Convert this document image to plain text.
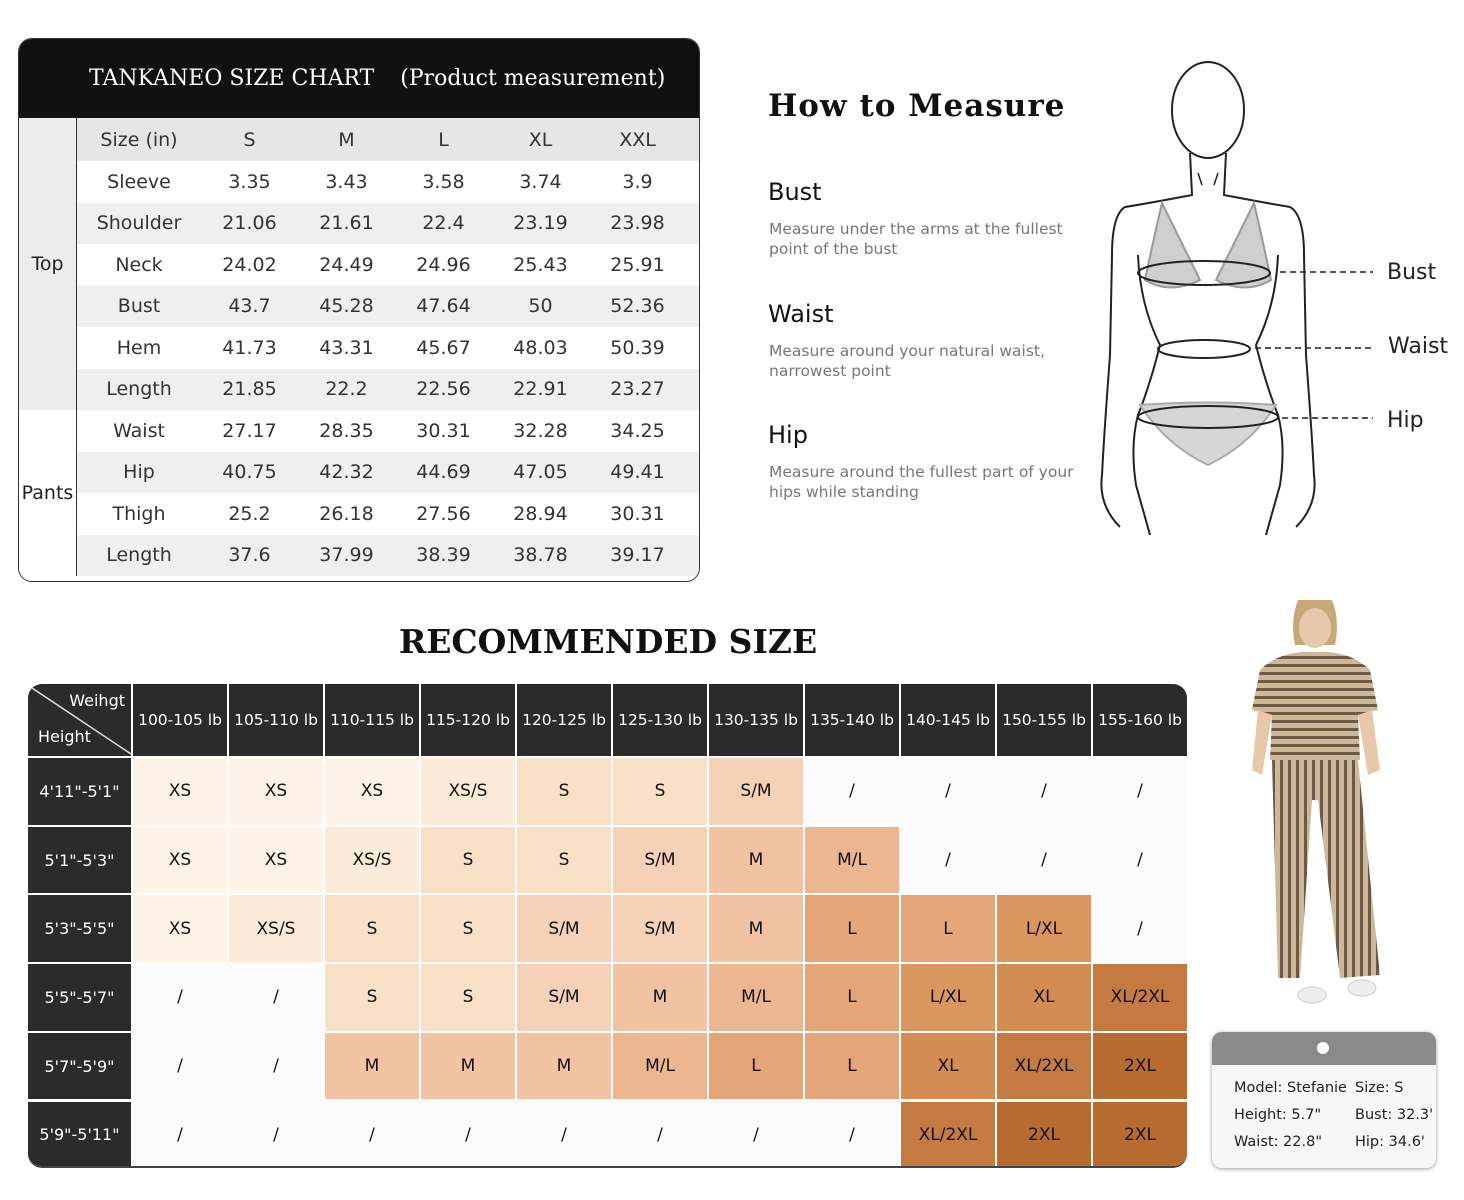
TANKANEO SIZE CHART (Product measurement)
Size (in)	S	M	L	XL	XXL
Sleeve	3.35	3.43	3.58	3.74	3.9
Shoulder	21.06	21.61	22.4	23.19	23.98
Neck	24.02	24.49	24.96	25.43	25.91
Bust	43.7	45.28	47.64	50	52.36
Hem	41.73	43.31	45.67	48.03	50.39
Length	21.85	22.2	22.56	22.91	23.27
Top
Waist	27.17	28.35	30.31	32.28	34.25
Hip	40.75	42.32	44.69	47.05	49.41
Thigh	25.2	26.18	27.56	28.94	30.31
Length	37.6	37.99	38.39	38.78	39.17
Pants
How to Measure
Bust
Measure under the arms at the fullest point of the bust
Waist
Measure around your natural waist, narrowest point
Hip
Measure around the fullest part of your hips while standing
Bust
Waist
Hip
RECOMMENDED SIZE
Weihgt
Height
100-105 lb 105-110 lb 110-115 lb 115-120 lb 120-125 lb 125-130 lb 130-135 lb 135-140 lb 140-145 lb 150-155 lb 155-160 lb
4'11"-5'1"	XS	XS	XS	XS/S	S	S	S/M	/	/	/	/
5'1"-5'3"	XS	XS	XS/S	S	S	S/M	M	M/L	/	/	/
5'3"-5'5"	XS	XS/S	S	S	S/M	S/M	M	L	L	L/XL	/
5'5"-5'7"	/	/	S	S	S/M	M	M/L	L	L/XL	XL	XL/2XL
5'7"-5'9"	/	/	M	M	M	M/L	L	L	XL	XL/2XL	2XL
5'9"-5'11"	/	/	/	/	/	/	/	/	XL/2XL	2XL	2XL
Model: Stefanie Size: S
Height: 5.7" Bust: 32.3'
Waist: 22.8" Hip: 34.6'
